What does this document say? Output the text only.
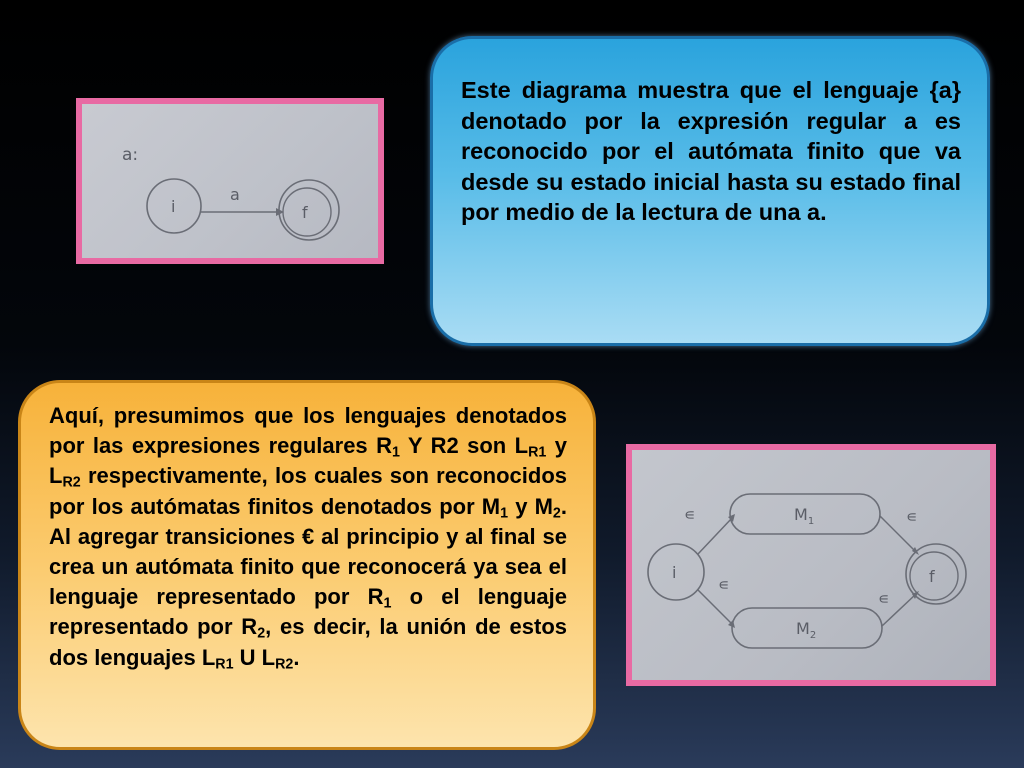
a:
i
a
f

Este diagrama muestra que el lenguaje {a} denotado por la expresión regular a es reconocido por el autómata finito que va desde su estado inicial hasta su estado final por medio de la lectura de una a.

Aquí, presumimos que los lenguajes denotados por las expresiones regulares $R_1$ Y R2 son $L_{R1}$ y $L_{R2}$ respectivamente, los cuales son reconocidos por los autómatas finitos denotados por $M_1$ y $M_2$. Al agregar transiciones € al principio y al final se crea un autómata finito que reconocerá ya sea el lenguaje representado por $R_1$ o el lenguaje representado por $R_2$, es decir, la unión de estos dos lenguajes $L_{R1}$ U $L_{R2}$.

i
$M_1$
$M_2$
f
∊
∊
∊
∊
